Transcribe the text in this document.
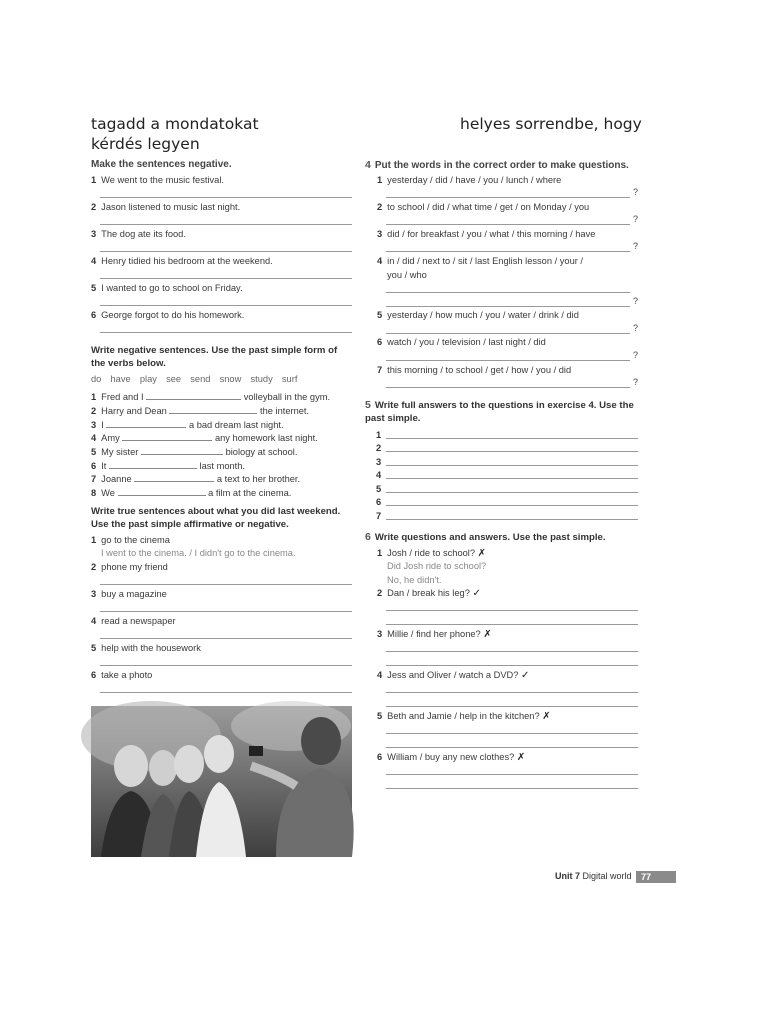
tagadd a mondatokat
kérdés legyen
helyes sorrendbe, hogy
Make the sentences negative.
1 We went to the music festival.
2 Jason listened to music last night.
3 The dog ate its food.
4 Henry tidied his bedroom at the weekend.
5 I wanted to go to school on Friday.
6 George forgot to do his homework.
Write negative sentences. Use the past simple form of the verbs below.
do have play see send snow study surf
1 Fred and I	volleyball in the gym.
2 Harry and Dean	the internet.
3 I	a bad dream last night.
4 Amy	any homework last night.
5 My sister	biology at school.
6 It	last month.
7 Joanne	a text to her brother.
8 We	a film at the cinema.
Write true sentences about what you did last weekend. Use the past simple affirmative or negative.
1 go to the cinema
I went to the cinema. / I didn't go to the cinema.
2 phone my friend
3 buy a magazine
4 read a newspaper
5 help with the housework
6 take a photo
4 Put the words in the correct order to make questions.
1 yesterday / did / have / you / lunch / where
?
2 to school / did / what time / get / on Monday / you
?
3 did / for breakfast / you / what / this morning / have
?
4 in / did / next to / sit / last English lesson / your /
you / who
?
5 yesterday / how much / you / water / drink / did
?
6 watch / you / television / last night / did
?
7 this morning / to school / get / how / you / did
?
5 Write full answers to the questions in exercise 4. Use the past simple.
1
2
3
4
5
6
7
6 Write questions and answers. Use the past simple.
1 Josh / ride to school? ✗
Did Josh ride to school?
No, he didn't.
2 Dan / break his leg? ✓
3 Millie / find her phone? ✗
4 Jess and Oliver / watch a DVD? ✓
5 Beth and Jamie / help in the kitchen? ✗
6 William / buy any new clothes? ✗
Unit 7 Digital world	77
